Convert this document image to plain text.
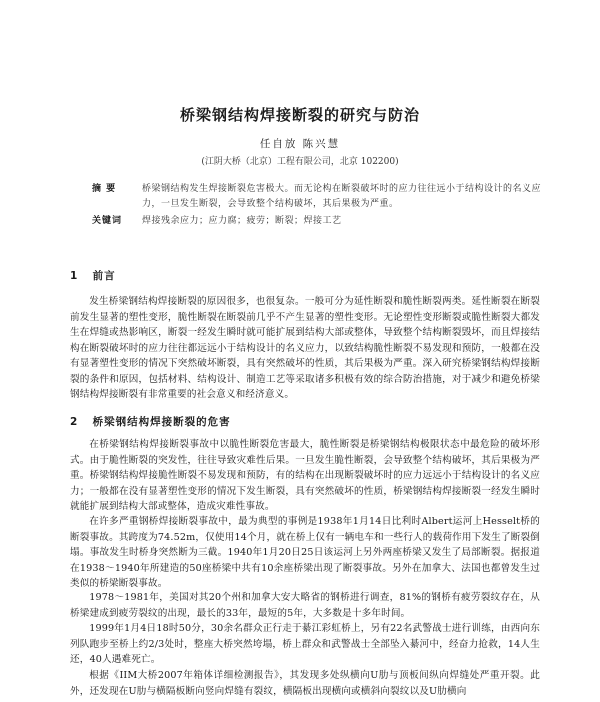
桥梁钢结构焊接断裂的研究与防治
任自放 陈兴慧
(江阴大桥（北京）工程有限公司，北京 102200)
摘 要	桥梁钢结构发生焊接断裂危害极大。而无论构在断裂破坏时的应力往往远小于结构设计的名义应力，一旦发生断裂，会导致整个结构破坏，其后果极为严重。
关键词	焊接残余应力；应力腐；疲劳；断裂；焊接工艺
1 前言
发生桥梁钢结构焊接断裂的原因很多，也很复杂。一般可分为延性断裂和脆性断裂两类。延性断裂在断裂前发生显著的塑性变形，脆性断裂在断裂前几乎不产生显著的塑性变形。无论塑性变形断裂或脆性断裂大都发生在焊缝或热影响区，断裂一经发生瞬时就可能扩展到结构大部或整体，导致整个结构断裂毁坏，而且焊接结构在断裂破坏时的应力往往都远远小于结构设计的名义应力，以致结构脆性断裂不易发现和预防，一般都在没有显著塑性变形的情况下突然破坏断裂，具有突然破坏的性质，其后果极为严重。深入研究桥梁钢结构焊接断裂的条件和原因，包括材料、结构设计、制造工艺等采取诸多积极有效的综合防治措施，对于减少和避免桥梁钢结构焊接断裂有非常重要的社会意义和经济意义。
2 桥梁钢结构焊接断裂的危害
在桥梁钢结构焊接断裂事故中以脆性断裂危害最大，脆性断裂是桥梁钢结构极限状态中最危险的破坏形式。由于脆性断裂的突发性，往往导致灾难性后果。一旦发生脆性断裂，会导致整个结构破坏，其后果极为严重。桥梁钢结构焊接脆性断裂不易发现和预防，有的结构在出现断裂破坏时的应力远远小于结构设计的名义应力；一般都在没有显著塑性变形的情况下发生断裂，具有突然破坏的性质，桥梁钢结构焊接断裂一经发生瞬时就能扩展到结构大部或整体，造成灾难性事故。
在许多严重钢桥焊接断裂事故中，最为典型的事例是1938年1月14日比利时Albert运河上Hesselt桥的断裂事故。其跨度为74.52m，仅使用14个月，就在桥上仅有一辆电车和一些行人的载荷作用下发生了断裂倒塌。事故发生时桥身突然断为三截。1940年1月20日25日该运河上另外两座桥梁又发生了局部断裂。据报道在1938～1940年所建造的50座桥梁中共有10余座桥梁出现了断裂事故。另外在加拿大、法国也都曾发生过类似的桥梁断裂事故。
1978～1981年，美国对其20个州和加拿大安大略省的钢桥进行调查，81%的钢桥有疲劳裂纹存在，从桥梁建成到疲劳裂纹的出现，最长的33年，最短的5年，大多数是十多年时间。
1999年1月4日18时50分，30余名群众正行走于綦江彩虹桥上，另有22名武警战士进行训练，由西向东列队跑步至桥上约2/3处时，整座大桥突然垮塌，桥上群众和武警战士全部坠入綦河中，经奋力抢救，14人生还，40人遇难死亡。
根据《IIM大桥2007年箱体详细检测报告》，其发现多处纵横向U肋与顶板间纵向焊缝处严重开裂。此外，还发现在U肋与横隔板断向竖向焊缝有裂纹，横隔板出现横向或横斜向裂纹以及U肋横向
